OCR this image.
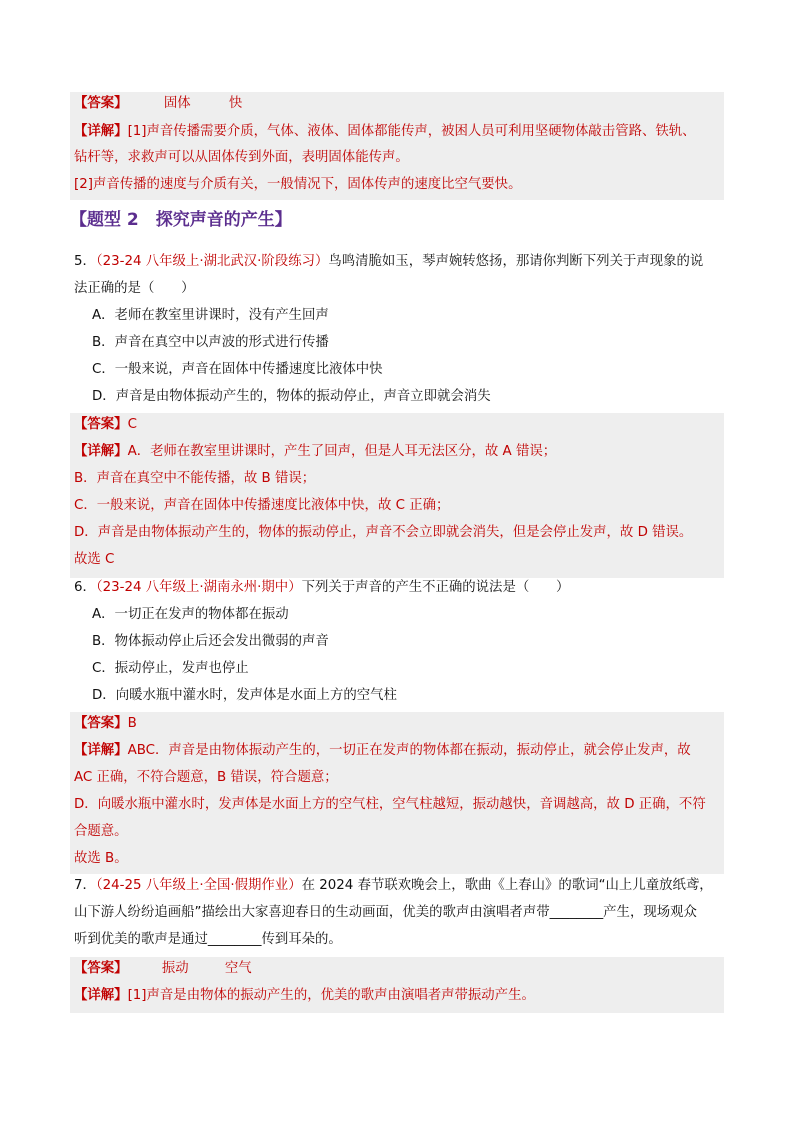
【答案】	固体	快
【详解】[1]声音传播需要介质，气体、液体、固体都能传声，被困人员可利用坚硬物体敲击管路、铁轨、
钻杆等，求救声可以从固体传到外面，表明固体能传声。
[2]声音传播的速度与介质有关，一般情况下，固体传声的速度比空气要快。
【题型 2　探究声音的产生】
5．（23-24 八年级上·湖北武汉·阶段练习）鸟鸣清脆如玉，琴声婉转悠扬，那请你判断下列关于声现象的说
法正确的是（　　）
A．老师在教室里讲课时，没有产生回声
B．声音在真空中以声波的形式进行传播
C．一般来说，声音在固体中传播速度比液体中快
D．声音是由物体振动产生的，物体的振动停止，声音立即就会消失
【答案】C
【详解】A．老师在教室里讲课时，产生了回声，但是人耳无法区分，故 A 错误；
B．声音在真空中不能传播，故 B 错误；
C．一般来说，声音在固体中传播速度比液体中快，故 C 正确；
D．声音是由物体振动产生的，物体的振动停止，声音不会立即就会消失，但是会停止发声，故 D 错误。
故选 C
6．（23-24 八年级上·湖南永州·期中）下列关于声音的产生不正确的说法是（　　）
A．一切正在发声的物体都在振动
B．物体振动停止后还会发出微弱的声音
C．振动停止，发声也停止
D．向暖水瓶中灌水时，发声体是水面上方的空气柱
【答案】B
【详解】ABC．声音是由物体振动产生的，一切正在发声的物体都在振动，振动停止，就会停止发声，故
AC 正确，不符合题意，B 错误，符合题意；
D．向暖水瓶中灌水时，发声体是水面上方的空气柱，空气柱越短，振动越快，音调越高，故 D 正确，不符
合题意。
故选 B。
7．（24-25 八年级上·全国·假期作业）在 2024 春节联欢晚会上，歌曲《上春山》的歌词“山上儿童放纸鸢，
山下游人纷纷追画船”描绘出大家喜迎春日的生动画面，优美的歌声由演唱者声带________产生，现场观众
听到优美的歌声是通过________传到耳朵的。
【答案】	振动	空气
【详解】[1]声音是由物体的振动产生的，优美的歌声由演唱者声带振动产生。
